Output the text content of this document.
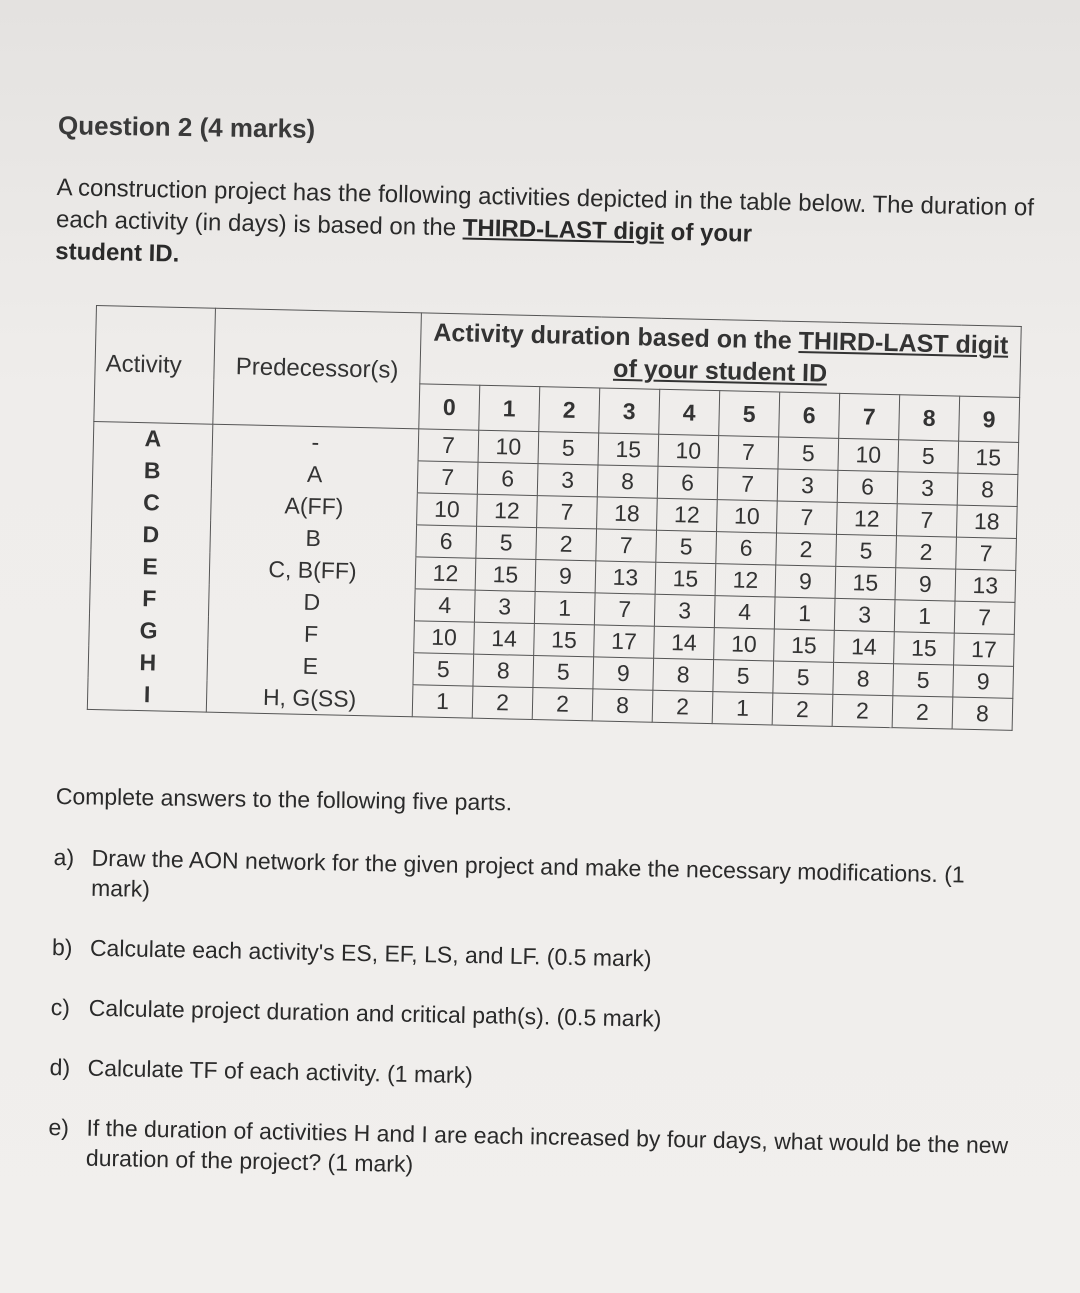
Question 2 (4 marks)
A construction project has the following activities depicted in the table below. The duration of each activity (in days) is based on the THIRD-LAST digit of your
student ID.
Activity	Predecessor(s)	Activity duration based on the THIRD-LAST digit of your student ID									
		0	1	2	3	4	5	6	7	8	9
A	-	7	10	5	15	10	7	5	10	5	15
B	A	7	6	3	8	6	7	3	6	3	8
C	A(FF)	10	12	7	18	12	10	7	12	7	18
D	B	6	5	2	7	5	6	2	5	2	7
E	C, B(FF)	12	15	9	13	15	12	9	15	9	13
F	D	4	3	1	7	3	4	1	3	1	7
G	F	10	14	15	17	14	10	15	14	15	17
H	E	5	8	5	9	8	5	5	8	5	9
I	H, G(SS)	1	2	2	8	2	1	2	2	2	8
Complete answers to the following five parts.
a) Draw the AON network for the given project and make the necessary modifications. (1 mark)
b) Calculate each activity's ES, EF, LS, and LF. (0.5 mark)
c) Calculate project duration and critical path(s). (0.5 mark)
d) Calculate TF of each activity. (1 mark)
e) If the duration of activities H and I are each increased by four days, what would be the new duration of the project? (1 mark)
